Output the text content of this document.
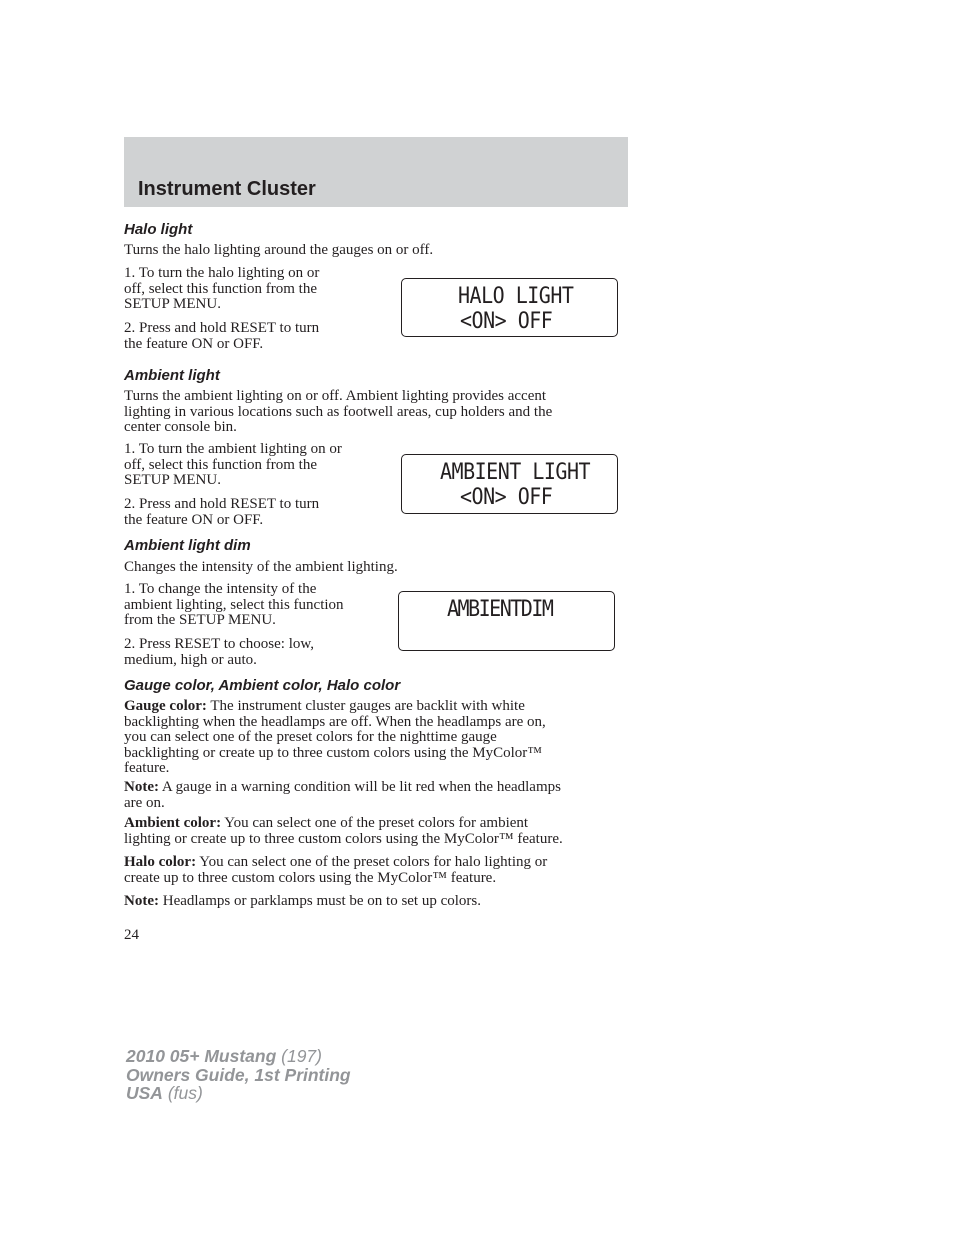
Instrument Cluster
Halo light
Turns the halo lighting around the gauges on or off.
1. To turn the halo lighting on or
off, select this function from the
SETUP MENU.
2. Press and hold RESET to turn
the feature ON or OFF.
HALO LIGHT
<ON> OFF
Ambient light
Turns the ambient lighting on or off. Ambient lighting provides accent
lighting in various locations such as footwell areas, cup holders and the
center console bin.
1. To turn the ambient lighting on or
off, select this function from the
SETUP MENU.
2. Press and hold RESET to turn
the feature ON or OFF.
AMBIENT LIGHT
<ON> OFF
Ambient light dim
Changes the intensity of the ambient lighting.
1. To change the intensity of the
ambient lighting, select this function
from the SETUP MENU.
2. Press RESET to choose: low,
medium, high or auto.
AMBIENTDIM
Gauge color, Ambient color, Halo color
Gauge color: The instrument cluster gauges are backlit with white
backlighting when the headlamps are off. When the headlamps are on,
you can select one of the preset colors for the nighttime gauge
backlighting or create up to three custom colors using the MyColor™
feature.
Note: A gauge in a warning condition will be lit red when the headlamps
are on.
Ambient color: You can select one of the preset colors for ambient
lighting or create up to three custom colors using the MyColor™ feature.
Halo color: You can select one of the preset colors for halo lighting or
create up to three custom colors using the MyColor™ feature.
Note: Headlamps or parklamps must be on to set up colors.
24
2010 05+ Mustang (197)
Owners Guide, 1st Printing
USA (fus)
